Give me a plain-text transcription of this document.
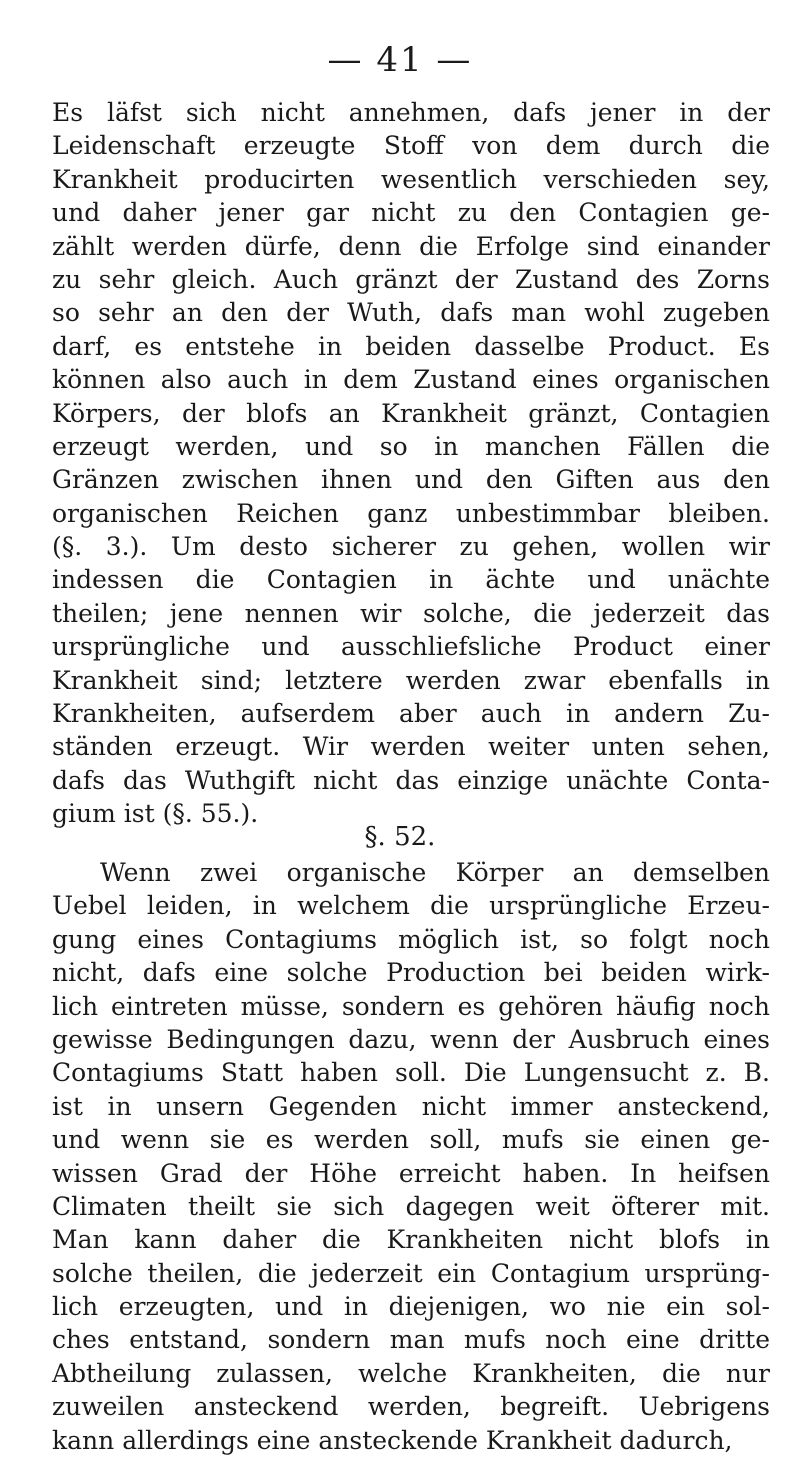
— 41 —
Es läfst sich nicht annehmen, dafs jener in der
Leidenschaft erzeugte Stoff von dem durch die
Krankheit producirten wesentlich verschieden sey,
und daher jener gar nicht zu den Contagien ge-
zählt werden dürfe, denn die Erfolge sind einander
zu sehr gleich. Auch gränzt der Zustand des Zorns
so sehr an den der Wuth, dafs man wohl zugeben
darf, es entstehe in beiden dasselbe Product. Es
können also auch in dem Zustand eines organischen
Körpers, der blofs an Krankheit gränzt, Contagien
erzeugt werden, und so in manchen Fällen die
Gränzen zwischen ihnen und den Giften aus den
organischen Reichen ganz unbestimmbar bleiben.
(§. 3.). Um desto sicherer zu gehen, wollen wir
indessen die Contagien in ächte und unächte
theilen; jene nennen wir solche, die jederzeit das
ursprüngliche und ausschliefsliche Product einer
Krankheit sind; letztere werden zwar ebenfalls in
Krankheiten, aufserdem aber auch in andern Zu-
ständen erzeugt. Wir werden weiter unten sehen,
dafs das Wuthgift nicht das einzige unächte Conta-
gium ist (§. 55.).
§. 52.
Wenn zwei organische Körper an demselben
Uebel leiden, in welchem die ursprüngliche Erzeu-
gung eines Contagiums möglich ist, so folgt noch
nicht, dafs eine solche Production bei beiden wirk-
lich eintreten müsse, sondern es gehören häufig noch
gewisse Bedingungen dazu, wenn der Ausbruch eines
Contagiums Statt haben soll. Die Lungensucht z. B.
ist in unsern Gegenden nicht immer ansteckend,
und wenn sie es werden soll, mufs sie einen ge-
wissen Grad der Höhe erreicht haben. In heifsen
Climaten theilt sie sich dagegen weit öfterer mit.
Man kann daher die Krankheiten nicht blofs in
solche theilen, die jederzeit ein Contagium ursprüng-
lich erzeugten, und in diejenigen, wo nie ein sol-
ches entstand, sondern man mufs noch eine dritte
Abtheilung zulassen, welche Krankheiten, die nur
zuweilen ansteckend werden, begreift. Uebrigens
kann allerdings eine ansteckende Krankheit dadurch,
